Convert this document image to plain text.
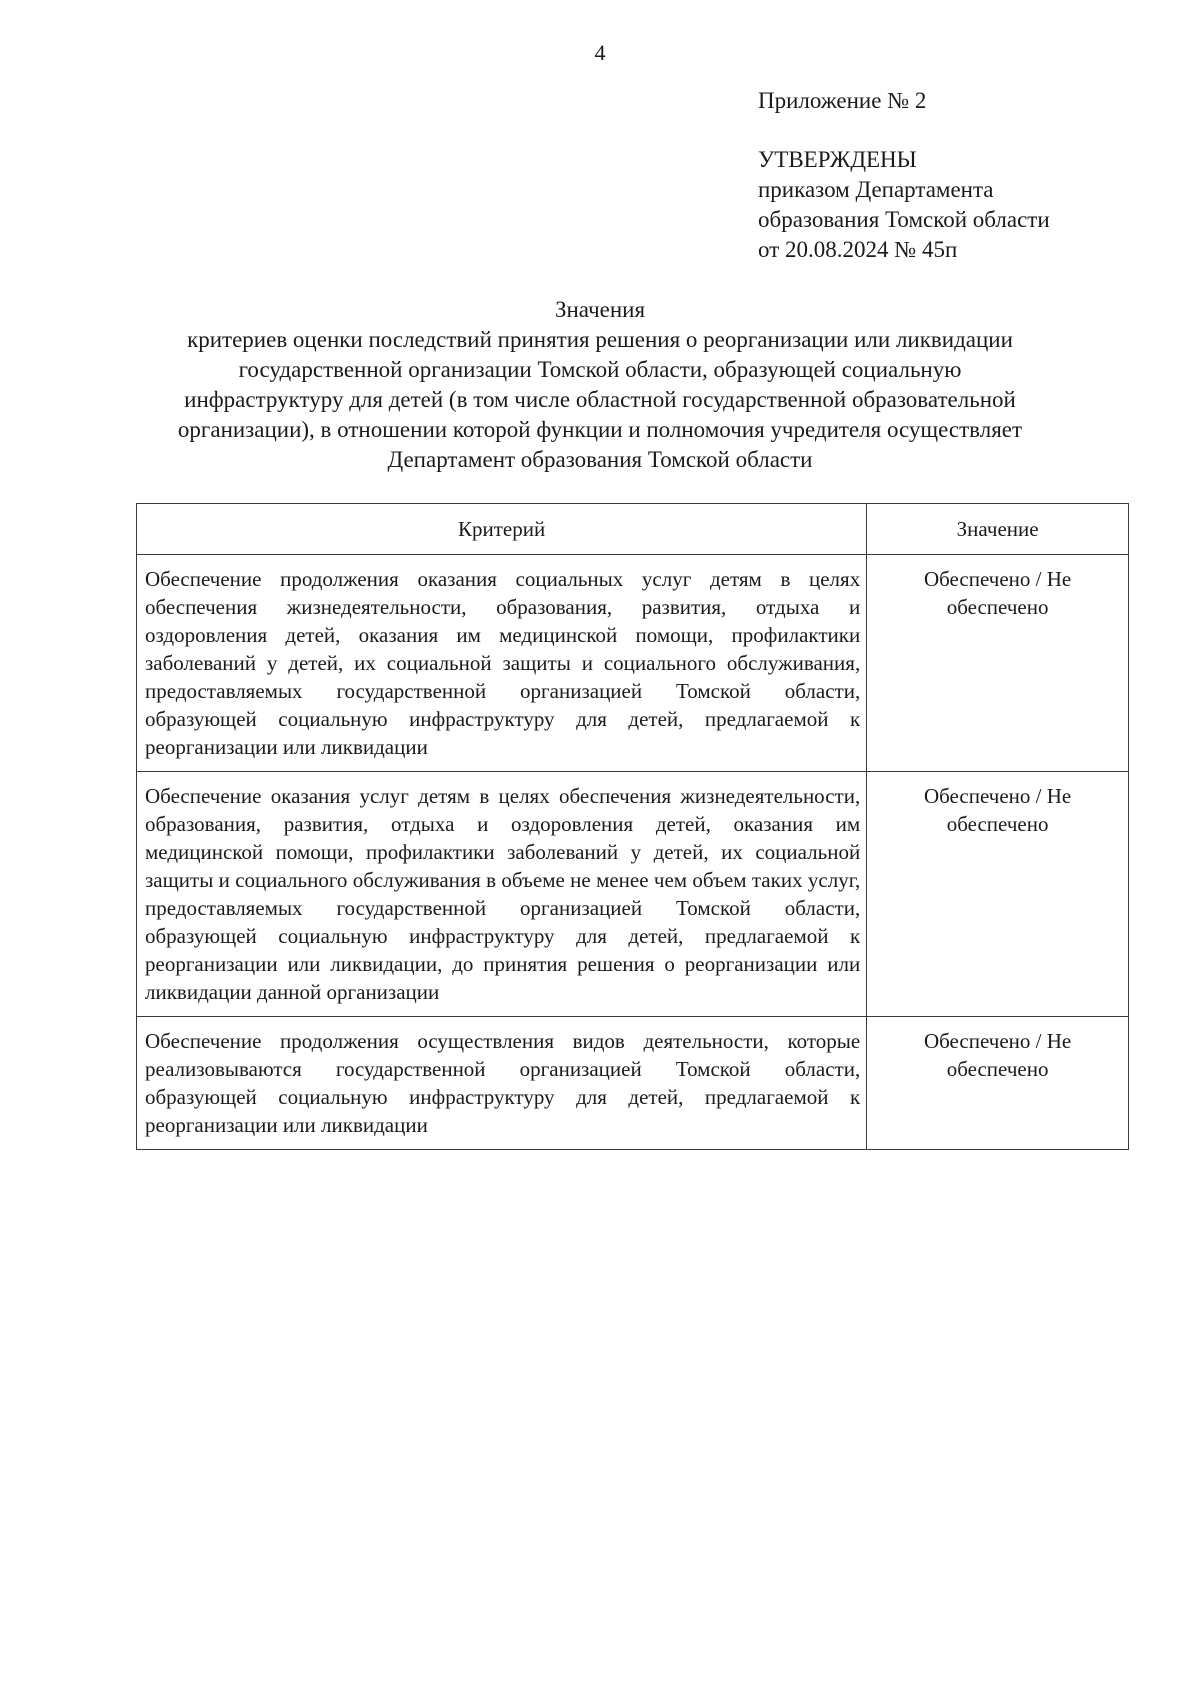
4
Приложение № 2
УТВЕРЖДЕНЫ
приказом Департамента
образования Томской области
от 20.08.2024 № 45п

Значения

критериев оценки последствий принятия решения о реорганизации или ликвидации

государственной организации Томской области, образующей социальную

инфраструктуру для детей (в том числе областной государственной образовательной

организации), в отношении которой функции и полномочия учредителя осуществляет

Департамент образования Томской области

Критерий	Значение
Обеспечение продолжения оказания социальных услуг детям в целях обеспечения жизнедеятельности, образования, развития, отдыха и оздоровления детей, оказания им медицинской помощи, профилактики заболеваний у детей, их социальной защиты и социального обслуживания, предоставляемых государственной организацией Томской области, образующей социальную инфраструктуру для детей, предлагаемой к реорганизации или ликвидации	Обеспечено / Не обеспечено
Обеспечение оказания услуг детям в целях обеспечения жизнедеятельности, образования, развития, отдыха и оздоровления детей, оказания им медицинской помощи, профилактики заболеваний у детей, их социальной защиты и социального обслуживания в объеме не менее чем объем таких услуг, предоставляемых государственной организацией Томской области, образующей социальную инфраструктуру для детей, предлагаемой к реорганизации или ликвидации, до принятия решения о реорганизации или ликвидации данной организации	Обеспечено / Не обеспечено
Обеспечение продолжения осуществления видов деятельности, которые реализовываются государственной организацией Томской области, образующей социальную инфраструктуру для детей, предлагаемой к реорганизации или ликвидации	Обеспечено / Не обеспечено
